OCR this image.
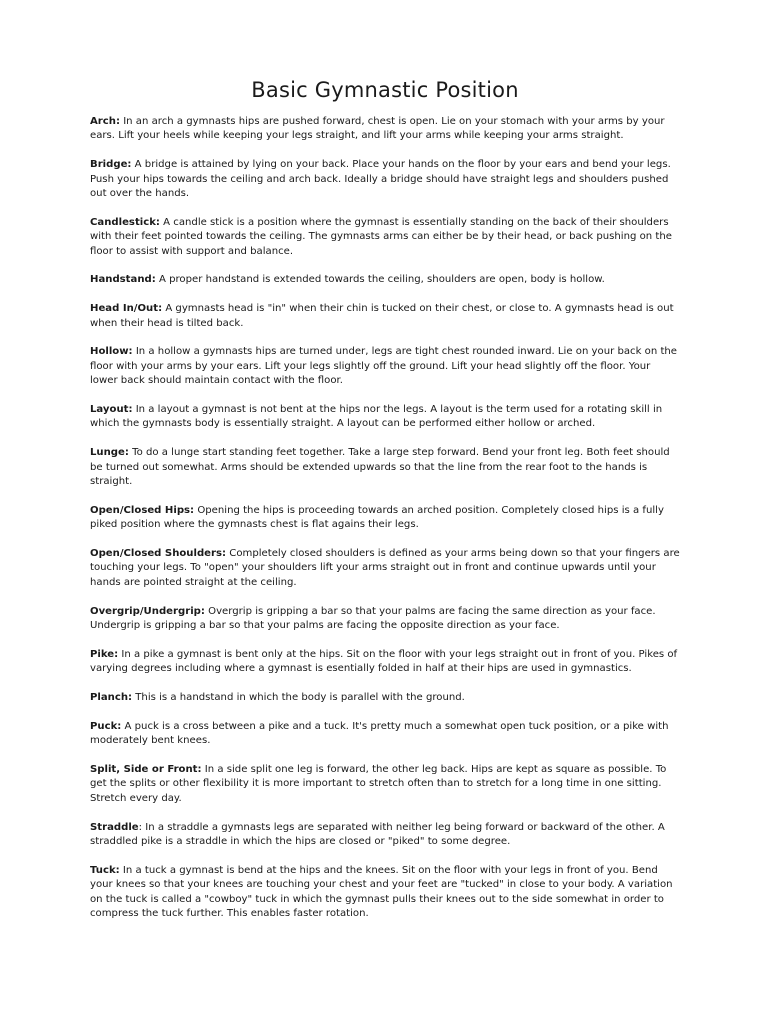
Basic Gymnastic Position

Arch: In an arch a gymnasts hips are pushed forward, chest is open. Lie on your stomach with your arms by your ears. Lift your heels while keeping your legs straight, and lift your arms while keeping your arms straight.

Bridge: A bridge is attained by lying on your back. Place your hands on the floor by your ears and bend your legs. Push your hips towards the ceiling and arch back. Ideally a bridge should have straight legs and shoulders pushed out over the hands.

Candlestick: A candle stick is a position where the gymnast is essentially standing on the back of their shoulders with their feet pointed towards the ceiling. The gymnasts arms can either be by their head, or back pushing on the floor to assist with support and balance.

Handstand: A proper handstand is extended towards the ceiling, shoulders are open, body is hollow.

Head In/Out: A gymnasts head is "in" when their chin is tucked on their chest, or close to. A gymnasts head is out when their head is tilted back.

Hollow: In a hollow a gymnasts hips are turned under, legs are tight chest rounded inward. Lie on your back on the floor with your arms by your ears. Lift your legs slightly off the ground. Lift your head slightly off the floor. Your lower back should maintain contact with the floor.

Layout: In a layout a gymnast is not bent at the hips nor the legs. A layout is the term used for a rotating skill in which the gymnasts body is essentially straight. A layout can be performed either hollow or arched.

Lunge: To do a lunge start standing feet together. Take a large step forward. Bend your front leg. Both feet should be turned out somewhat. Arms should be extended upwards so that the line from the rear foot to the hands is straight.

Open/Closed Hips: Opening the hips is proceeding towards an arched position. Completely closed hips is a fully piked position where the gymnasts chest is flat agains their legs.

Open/Closed Shoulders: Completely closed shoulders is defined as your arms being down so that your fingers are touching your legs. To "open" your shoulders lift your arms straight out in front and continue upwards until your hands are pointed straight at the ceiling.

Overgrip/Undergrip: Overgrip is gripping a bar so that your palms are facing the same direction as your face. Undergrip is gripping a bar so that your palms are facing the opposite direction as your face.

Pike: In a pike a gymnast is bent only at the hips. Sit on the floor with your legs straight out in front of you. Pikes of varying degrees including where a gymnast is esentially folded in half at their hips are used in gymnastics.

Planch: This is a handstand in which the body is parallel with the ground.

Puck: A puck is a cross between a pike and a tuck. It's pretty much a somewhat open tuck position, or a pike with moderately bent knees.

Split, Side or Front: In a side split one leg is forward, the other leg back. Hips are kept as square as possible. To get the splits or other flexibility it is more important to stretch often than to stretch for a long time in one sitting. Stretch every day.

Straddle: In a straddle a gymnasts legs are separated with neither leg being forward or backward of the other. A straddled pike is a straddle in which the hips are closed or "piked" to some degree.

Tuck: In a tuck a gymnast is bend at the hips and the knees. Sit on the floor with your legs in front of you. Bend your knees so that your knees are touching your chest and your feet are "tucked" in close to your body. A variation on the tuck is called a "cowboy" tuck in which the gymnast pulls their knees out to the side somewhat in order to compress the tuck further. This enables faster rotation.
